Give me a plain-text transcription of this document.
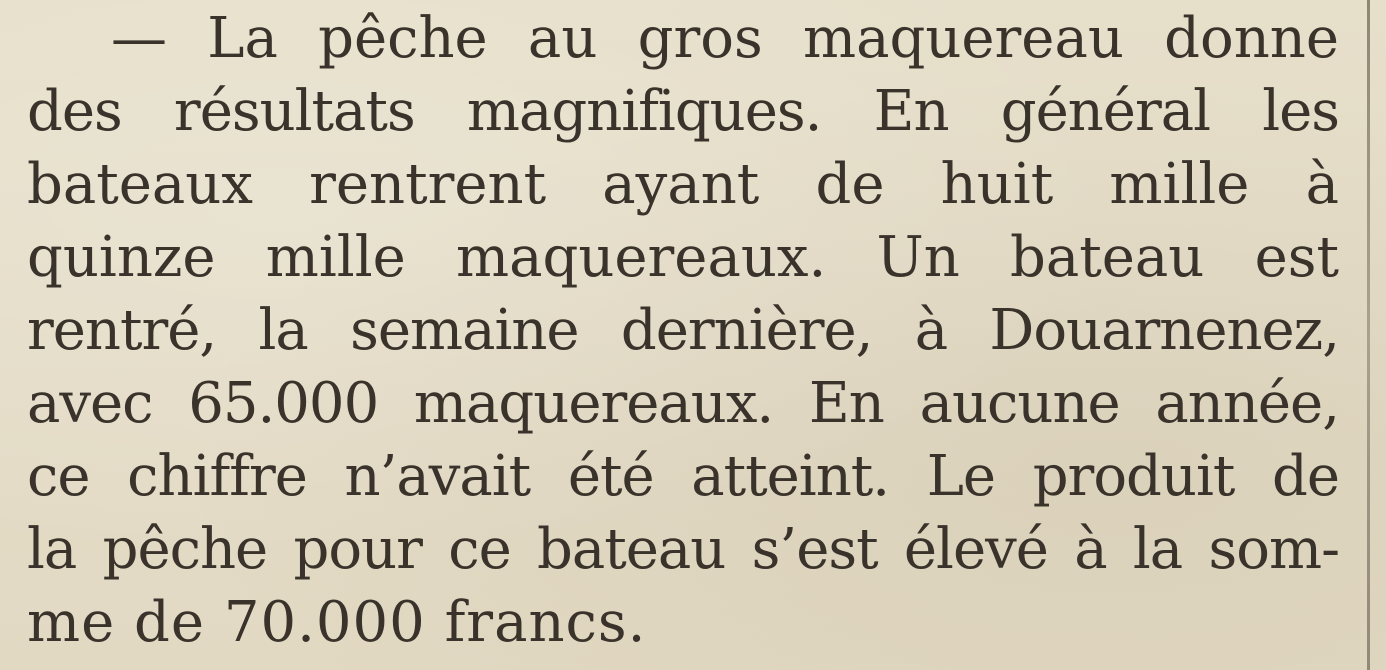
— La pêche au gros maquereau donne
des résultats magnifiques. En général les
bateaux rentrent ayant de huit mille à
quinze mille maquereaux. Un bateau est
rentré, la semaine dernière, à Douarnenez,
avec 65.000 maquereaux. En aucune année,
ce chiffre n’avait été atteint. Le produit de
la pêche pour ce bateau s’est élevé à la som-
me de 70.000 francs.
